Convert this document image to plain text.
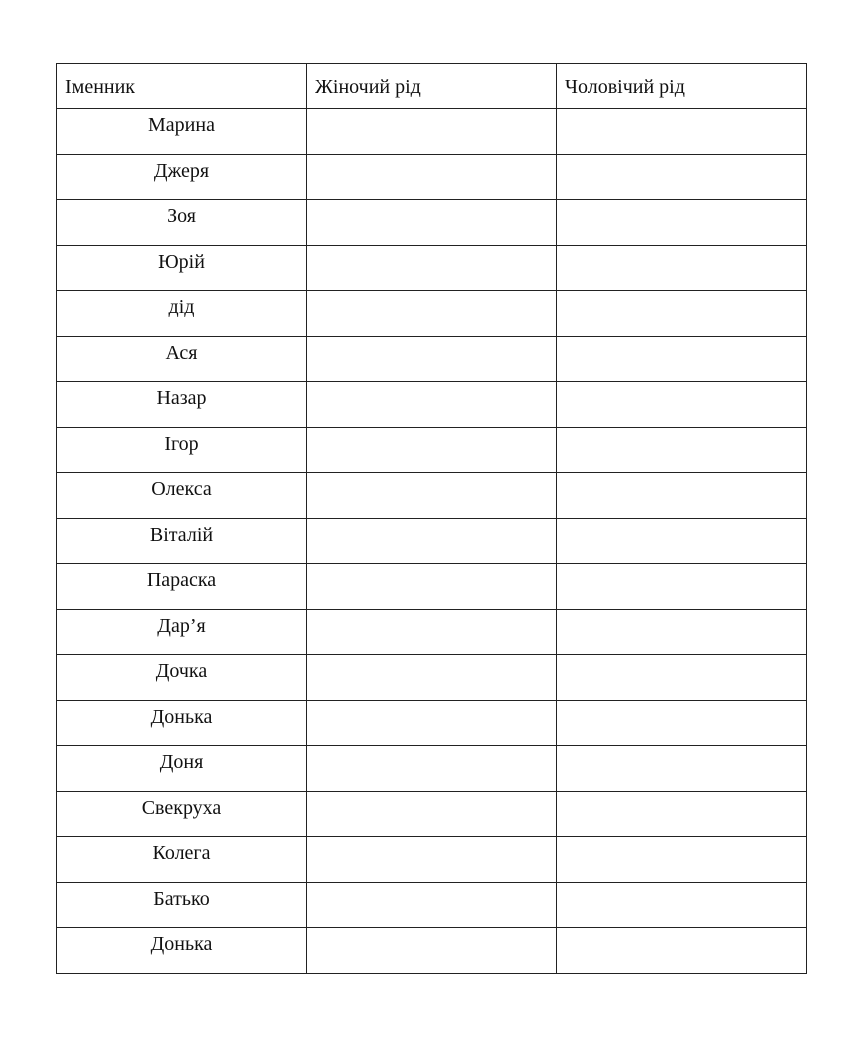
Іменник	Жіночий рід	Чоловічий рід
Марина		
Джеря		
Зоя		
Юрій		
дід		
Ася		
Назар		
Ігор		
Олекса		
Віталій		
Параска		
Дар’я		
Дочка		
Донька		
Доня		
Свекруха		
Колега		
Батько		
Донька		
